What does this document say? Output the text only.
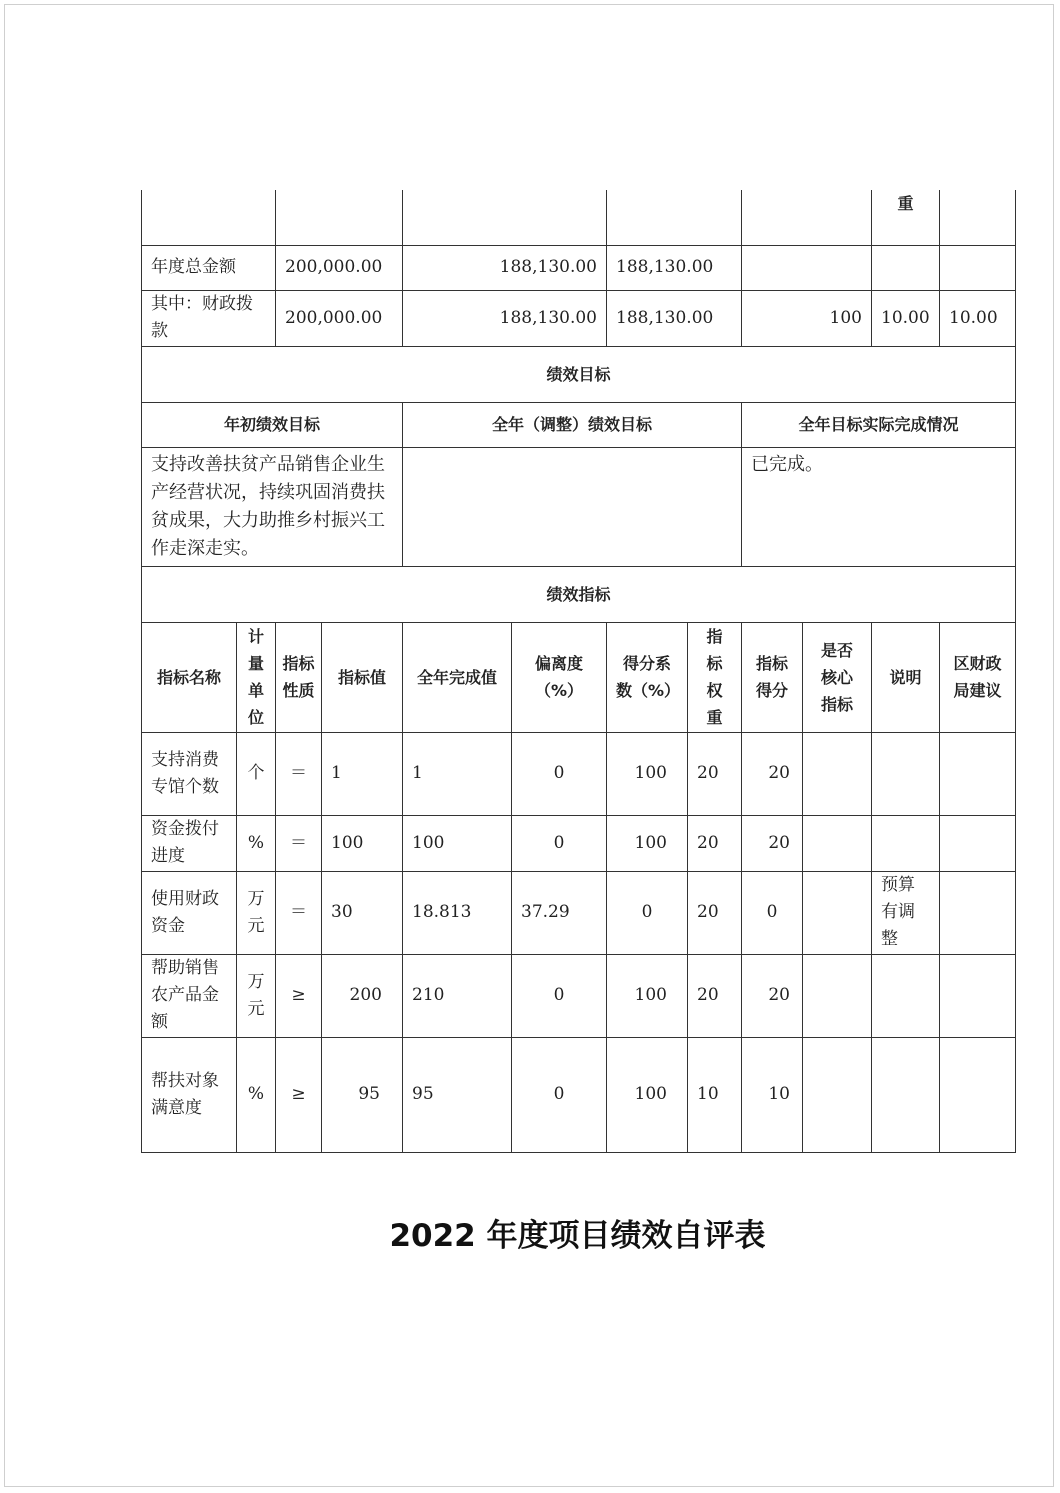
										重	
年度总金额		200,000.00		188,130.00		188,130.00					
其中：财政拨款		200,000.00		188,130.00		188,130.00		100		10.00	10.00
绩效目标											
年初绩效目标				全年（调整）绩效目标				全年目标实际完成情况			
支持改善扶贫产品销售企业生产经营状况，持续巩固消费扶贫成果，大力助推乡村振兴工作走深走实。								已完成。			
绩效指标											
指标名称	计量单位	指标性质	指标值	全年完成值	偏离度（%）	得分系数（%）	指标权重	指标得分	是否核心指标	说明	区财政局建议
支持消费专馆个数	个	＝	1	1	0	100	20	20			
资金拨付进度	%	＝	100	100	0	100	20	20			
使用财政资金	万元	＝	30	18.813	37.29	0	20	0		预算有调整	
帮助销售农产品金额	万元	≥	200	210	0	100	20	20			
帮扶对象满意度	%	≥	95	95	0	100	10	10			
2022 年度项目绩效自评表
